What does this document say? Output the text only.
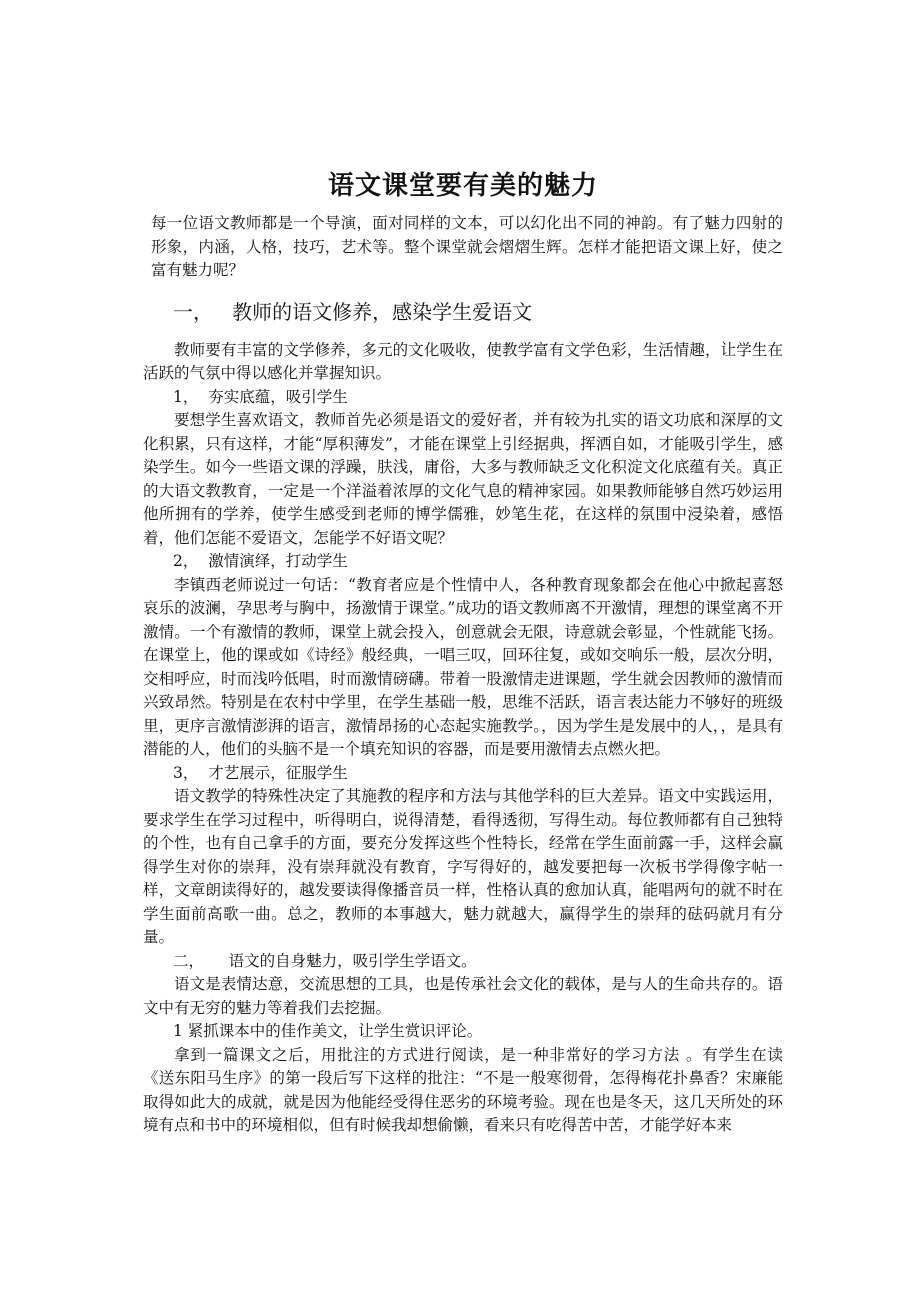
语文课堂要有美的魅力

每一位语文教师都是一个导演，面对同样的文本，可以幻化出不同的神韵。有了魅力四射的形象，内涵，人格，技巧，艺术等。整个课堂就会熠熠生辉。怎样才能把语文课上好，使之富有魅力呢？

一，   教师的语文修养，感染学生爱语文

教师要有丰富的文学修养，多元的文化吸收，使教学富有文学色彩，生活情趣，让学生在活跃的气氛中得以感化并掌握知识。

1，  夯实底蕴，吸引学生

要想学生喜欢语文，教师首先必须是语文的爱好者，并有较为扎实的语文功底和深厚的文化积累，只有这样，才能“厚积薄发”，才能在课堂上引经据典，挥洒自如，才能吸引学生，感染学生。如今一些语文课的浮躁，肤浅，庸俗，大多与教师缺乏文化积淀文化底蕴有关。真正的大语文教教育，一定是一个洋溢着浓厚的文化气息的精神家园。如果教师能够自然巧妙运用他所拥有的学养，使学生感受到老师的博学儒雅，妙笔生花，在这样的氛围中浸染着，感悟着，他们怎能不爱语文，怎能学不好语文呢？

2，  激情演绎，打动学生

李镇西老师说过一句话：“教育者应是个性情中人，各种教育现象都会在他心中掀起喜怒哀乐的波澜，孕思考与胸中，扬激情于课堂。”成功的语文教师离不开激情，理想的课堂离不开激情。一个有激情的教师，课堂上就会投入，创意就会无限，诗意就会彰显，个性就能飞扬。在课堂上，他的课或如《诗经》般经典，一唱三叹，回环往复，或如交响乐一般，层次分明，交相呼应，时而浅吟低唱，时而激情磅礴。带着一股激情走进课题，学生就会因教师的激情而兴致昂然。特别是在农村中学里，在学生基础一般，思维不活跃，语言表达能力不够好的班级里，更序言激情澎湃的语言，激情昂扬的心态起实施教学。，因为学生是发展中的人，，是具有潜能的人，他们的头脑不是一个填充知识的容器，而是要用激情去点燃火把。

3，  才艺展示，征服学生

语文教学的特殊性决定了其施教的程序和方法与其他学科的巨大差异。语文中实践运用，要求学生在学习过程中，听得明白，说得清楚，看得透彻，写得生动。每位教师都有自己独特的个性，也有自己拿手的方面，要充分发挥这些个性特长，经常在学生面前露一手，这样会赢得学生对你的崇拜，没有崇拜就没有教育，字写得好的，越发要把每一次板书学得像字帖一样，文章朗读得好的，越发要读得像播音员一样，性格认真的愈加认真，能唱两句的就不时在学生面前高歌一曲。总之，教师的本事越大，魅力就越大，赢得学生的崇拜的砝码就月有分量。

二，     语文的自身魅力，吸引学生学语文。

语文是表情达意，交流思想的工具，也是传承社会文化的载体，是与人的生命共存的。语文中有无穷的魅力等着我们去挖掘。

1 紧抓课本中的佳作美文，让学生赏识评论。

拿到一篇课文之后，用批注的方式进行阅读，是一种非常好的学习方法 。有学生在读《送东阳马生序》的第一段后写下这样的批注：“不是一般寒彻骨，怎得梅花扑鼻香？宋廉能取得如此大的成就，就是因为他能经受得住恶劣的环境考验。现在也是冬天，这几天所处的环境有点和书中的环境相似，但有时候我却想偷懒，看来只有吃得苦中苦，才能学好本来
